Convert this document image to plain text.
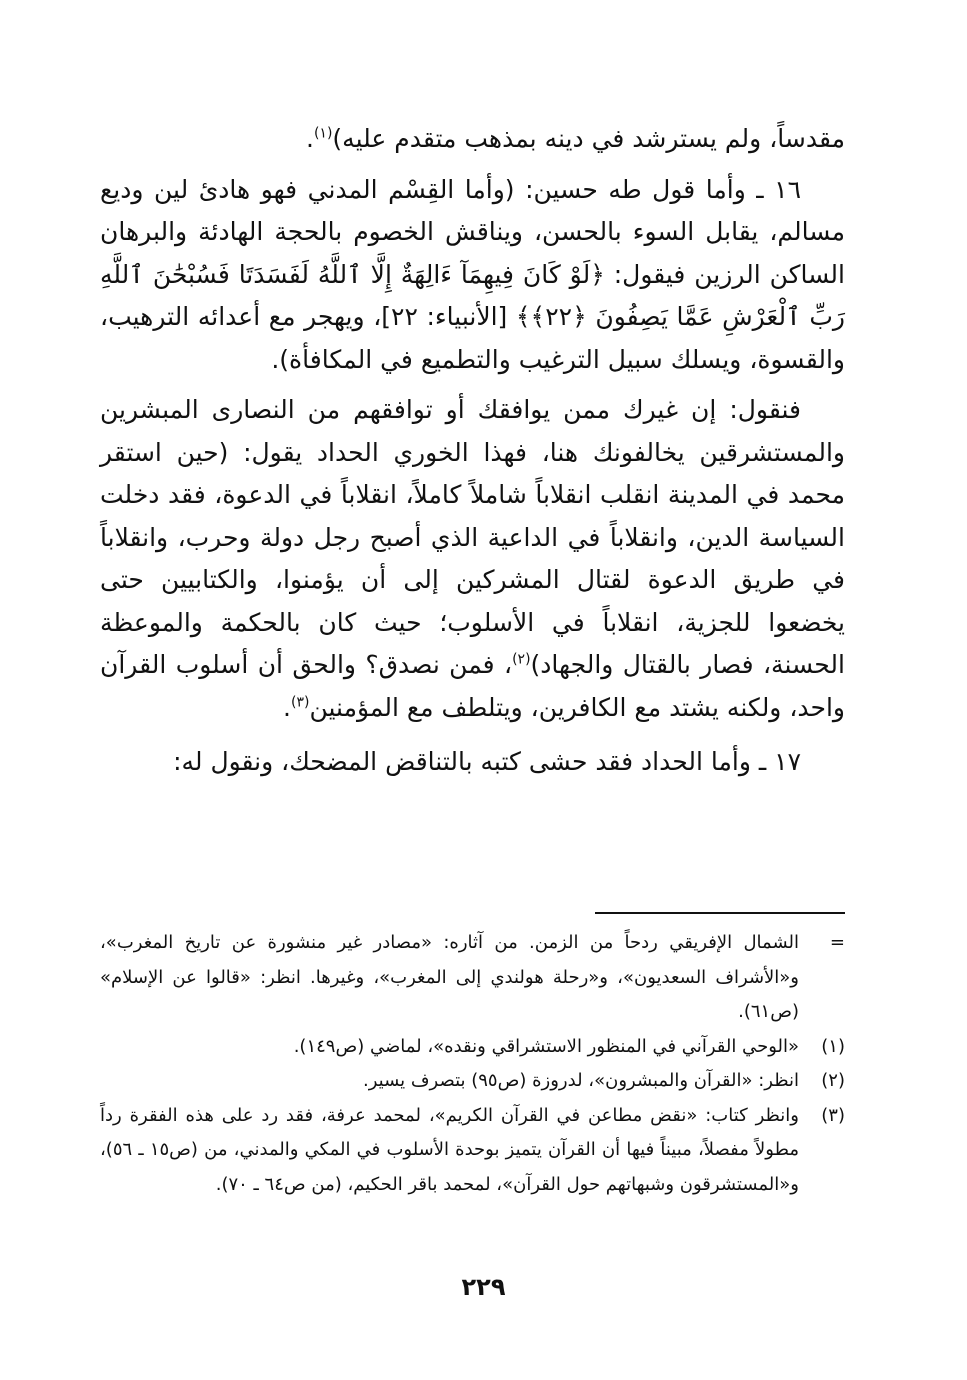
مقدساً، ولم يسترشد في دينه بمذهب متقدم عليه)$^{(١)}$.

١٦ ـ وأما قول طه حسين: (وأما القِسْم المدني فهو هادئ لين وديع مسالم، يقابل السوء بالحسن، ويناقش الخصوم بالحجة الهادئة والبرهان الساكن الرزين فيقول: ﴿لَوْ كَانَ فِيهِمَآ ءَالِهَةٌ إِلَّا ٱللَّهُ لَفَسَدَتَا فَسُبْحَٰنَ ٱللَّهِ رَبِّ ٱلْعَرْشِ عَمَّا يَصِفُونَ ﴿٢٢﴾﴾ [الأنبياء: ٢٢]، ويهجر مع أعدائه الترهيب، والقسوة، ويسلك سبيل الترغيب والتطميع في المكافأة).

فنقول: إن غيرك ممن يوافقك أو توافقهم من النصارى المبشرين والمستشرقين يخالفونك هنا، فهذا الخوري الحداد يقول: (حين استقر محمد في المدينة انقلب انقلاباً شاملاً كاملاً، انقلاباً في الدعوة، فقد دخلت السياسة الدين، وانقلاباً في الداعية الذي أصبح رجل دولة وحرب، وانقلاباً في طريق الدعوة لقتال المشركين إلى أن يؤمنوا، والكتابيين حتى يخضعوا للجزية، انقلاباً في الأسلوب؛ حيث كان بالحكمة والموعظة الحسنة، فصار بالقتال والجهاد)$^{(٢)}$، فمن نصدق؟ والحق أن أسلوب القرآن واحد، ولكنه يشتد مع الكافرين، ويتلطف مع المؤمنين$^{(٣)}$.

١٧ ـ وأما الحداد فقد حشى كتبه بالتناقض المضحك، ونقول له:

=
الشمال الإفريقي ردحاً من الزمن. من آثاره: «مصادر غير منشورة عن تاريخ المغرب»، و«الأشراف السعديون»، و«رحلة هولندي إلى المغرب»، وغيرها. انظر: «قالوا عن الإسلام» (ص٦١).
(١)
«الوحي القرآني في المنظور الاستشراقي ونقده»، لماضي (ص١٤٩).
(٢)
انظر: «القرآن والمبشرون»، لدروزة (ص٩٥) بتصرف يسير.
(٣)
وانظر كتاب: «نقض مطاعن في القرآن الكريم»، لمحمد عرفة، فقد رد على هذه الفقرة رداً مطولاً مفصلاً، مبيناً فيها أن القرآن يتميز بوحدة الأسلوب في المكي والمدني، من (ص١٥ ـ ٥٦)، و«المستشرقون وشبهاتهم حول القرآن»، لمحمد باقر الحكيم، (من ص٦٤ ـ ٧٠).
٢٢٩
